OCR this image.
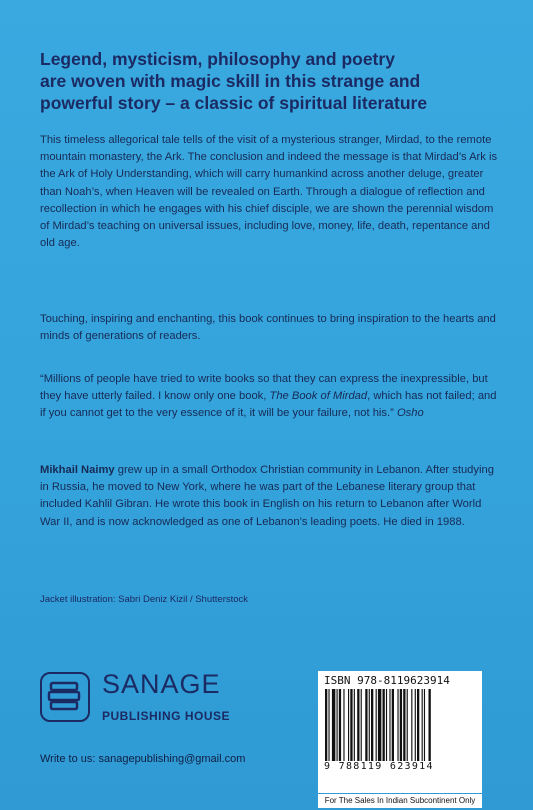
Legend, mysticism, philosophy and poetry
are woven with magic skill in this strange and
powerful story – a classic of spiritual literature
This timeless allegorical tale tells of the visit of a mysterious stranger, Mirdad, to the remote mountain monastery, the Ark. The conclusion and indeed the message is that Mirdad’s Ark is the Ark of Holy Understanding, which will carry humankind across another deluge, greater than Noah’s, when Heaven will be revealed on Earth. Through a dialogue of reflection and recollection in which he engages with his chief disciple, we are shown the perennial wisdom of Mirdad’s teaching on universal issues, including love, money, life, death, repentance and old age.
Touching, inspiring and enchanting, this book continues to bring inspiration to the hearts and minds of generations of readers.
“Millions of people have tried to write books so that they can express the inexpressible, but they have utterly failed. I know only one book, The Book of Mirdad, which has not failed; and if you cannot get to the very essence of it, it will be your failure, not his.” Osho
Mikhail Naimy grew up in a small Orthodox Christian community in Lebanon. After studying in Russia, he moved to New York, where he was part of the Lebanese literary group that included Kahlil Gibran. He wrote this book in English on his return to Lebanon after World War II, and is now acknowledged as one of Lebanon’s leading poets. He died in 1988.
Jacket illustration: Sabri Deniz Kizil / Shutterstock
SANAGE
PUBLISHING HOUSE
Write to us: sanagepublishing@gmail.com
ISBN 978-8119623914
9 788119 623914
For The Sales In Indian Subcontinent Only
